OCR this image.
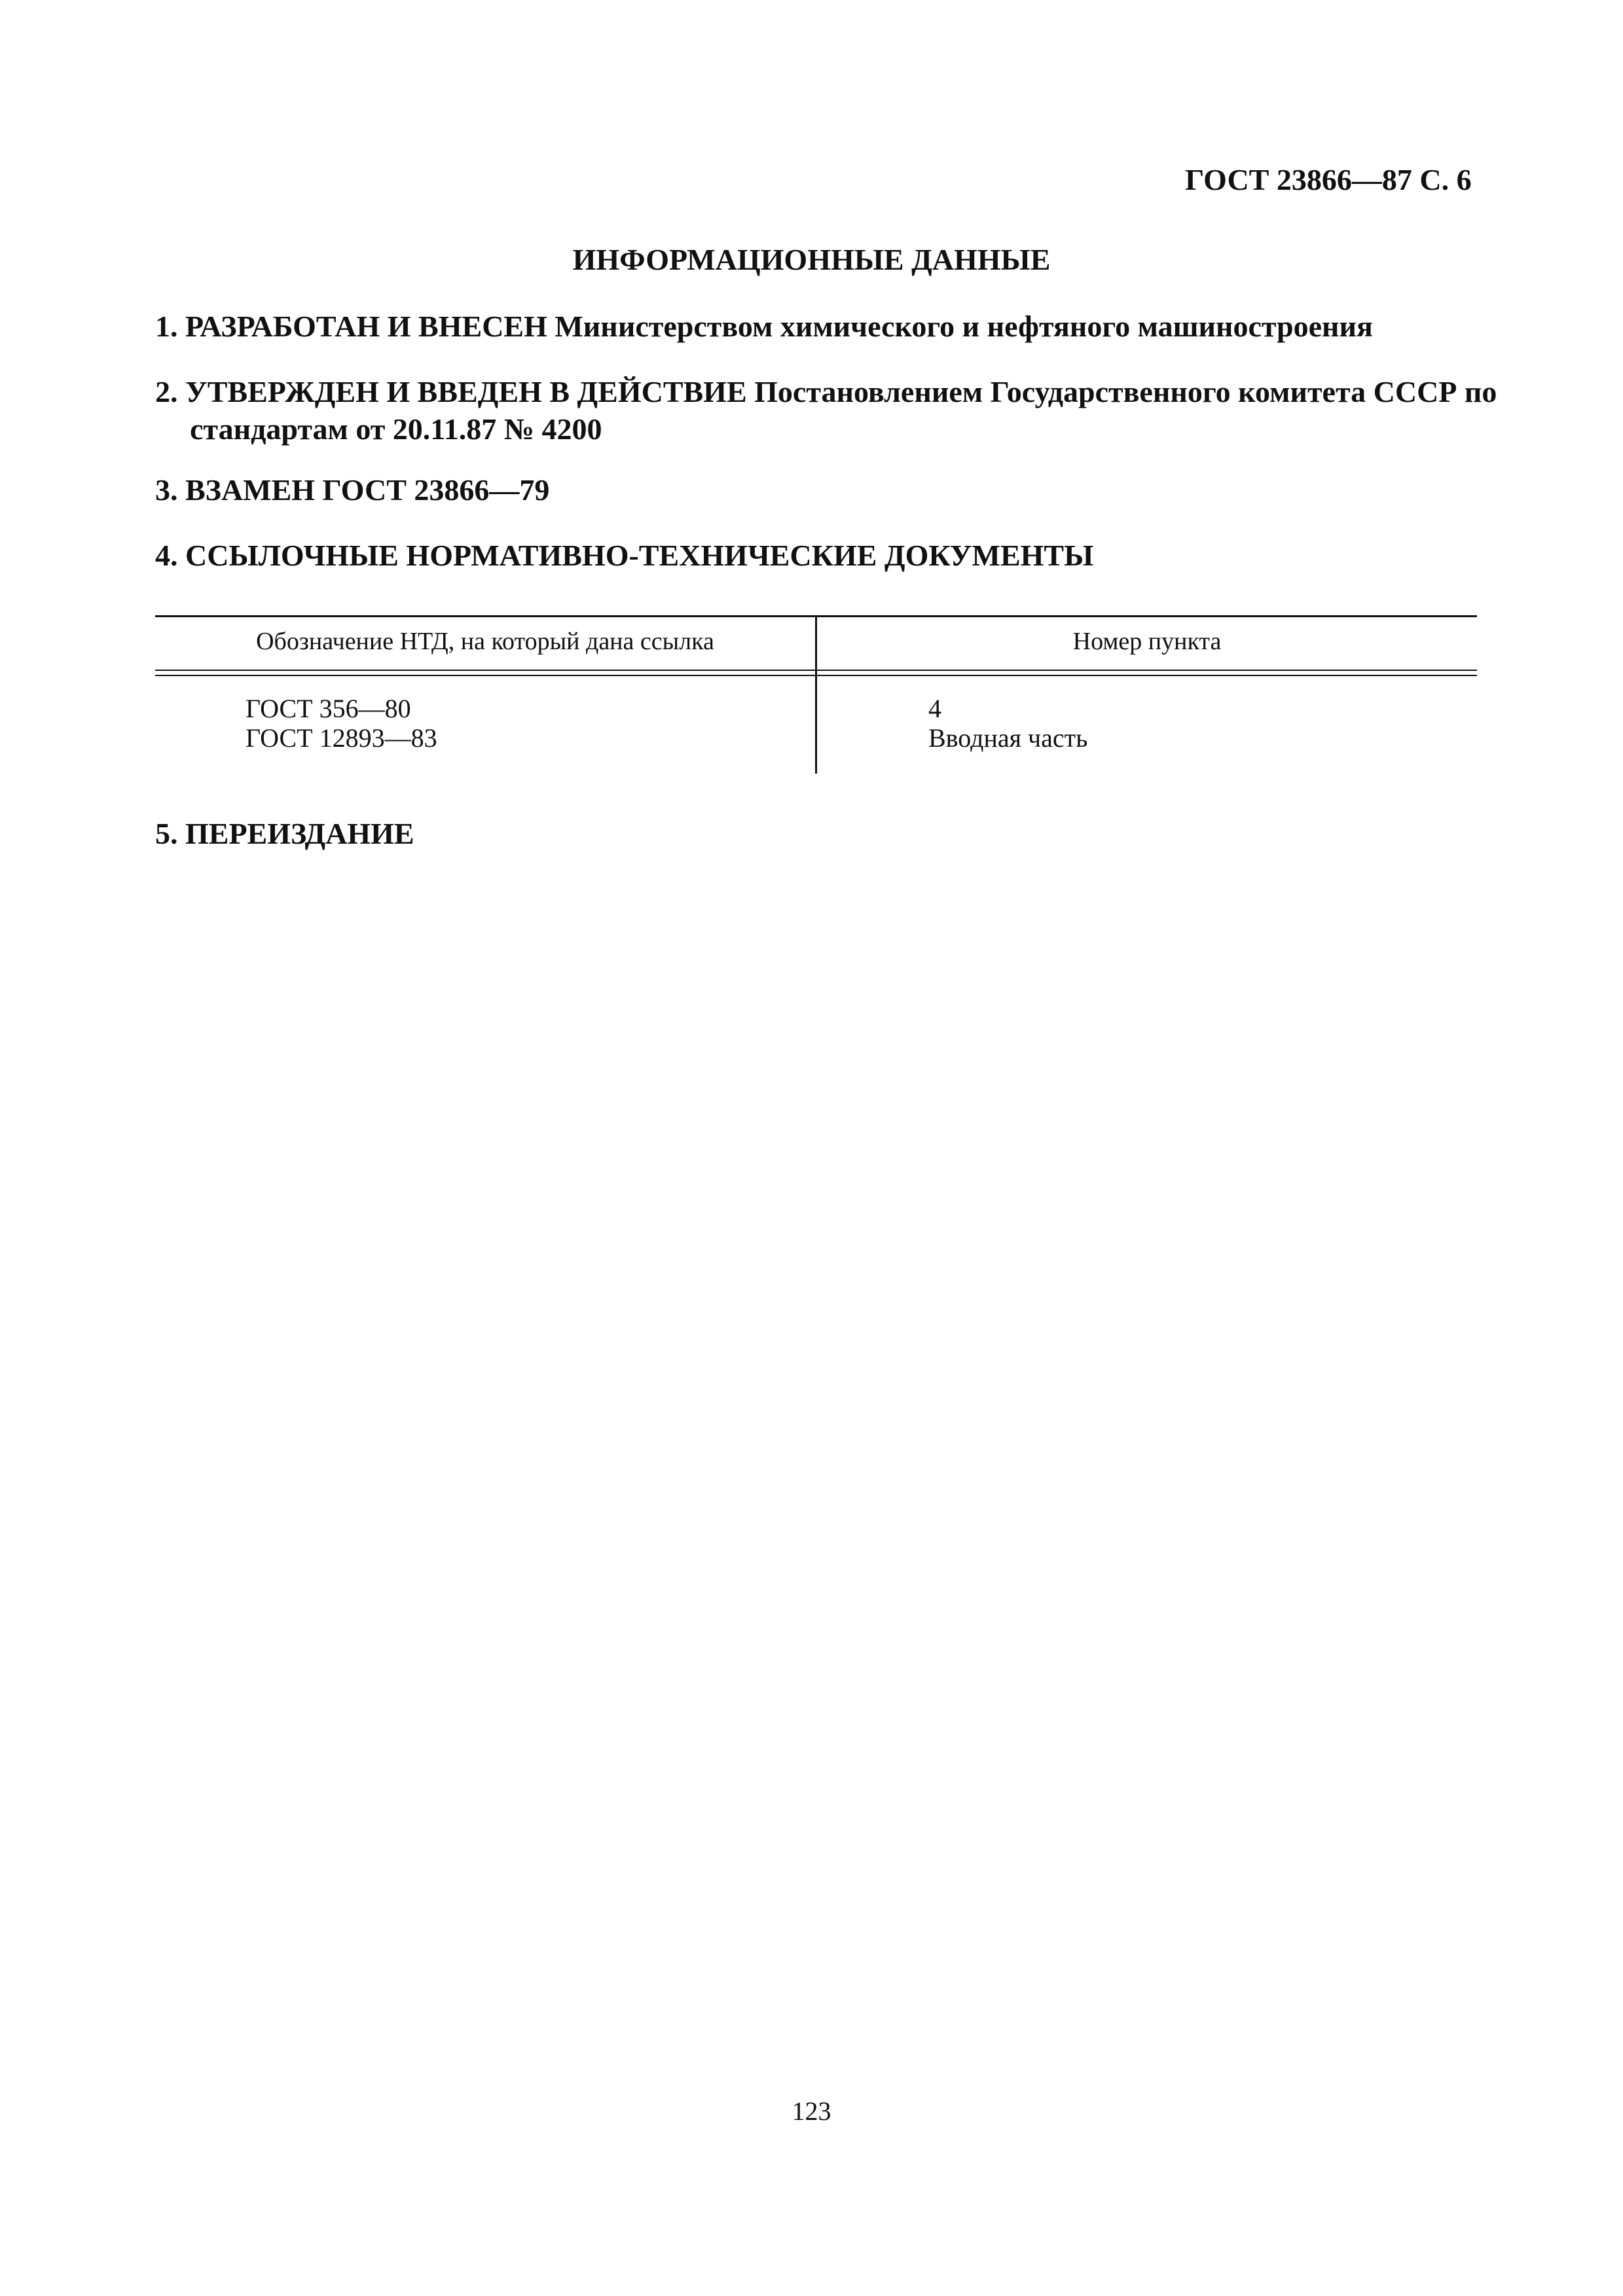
ГОСТ 23866—87 С. 6

ИНФОРМАЦИОННЫЕ ДАННЫЕ

1. РАЗРАБОТАН И ВНЕСЕН Министерством химического и нефтяного машиностроения

2. УТВЕРЖДЕН И ВВЕДЕН В ДЕЙСТВИЕ Постановлением Государственного комитета СССР по

стандартам от 20.11.87 № 4200

3. ВЗАМЕН ГОСТ 23866—79

4. ССЫЛОЧНЫЕ НОРМАТИВНО-ТЕХНИЧЕСКИЕ ДОКУМЕНТЫ

Обозначение НТД, на который дана ссылка	Номер пункта

ГОСТ 356—80	4

ГОСТ 12893—83	Вводная часть

5. ПЕРЕИЗДАНИЕ

123
